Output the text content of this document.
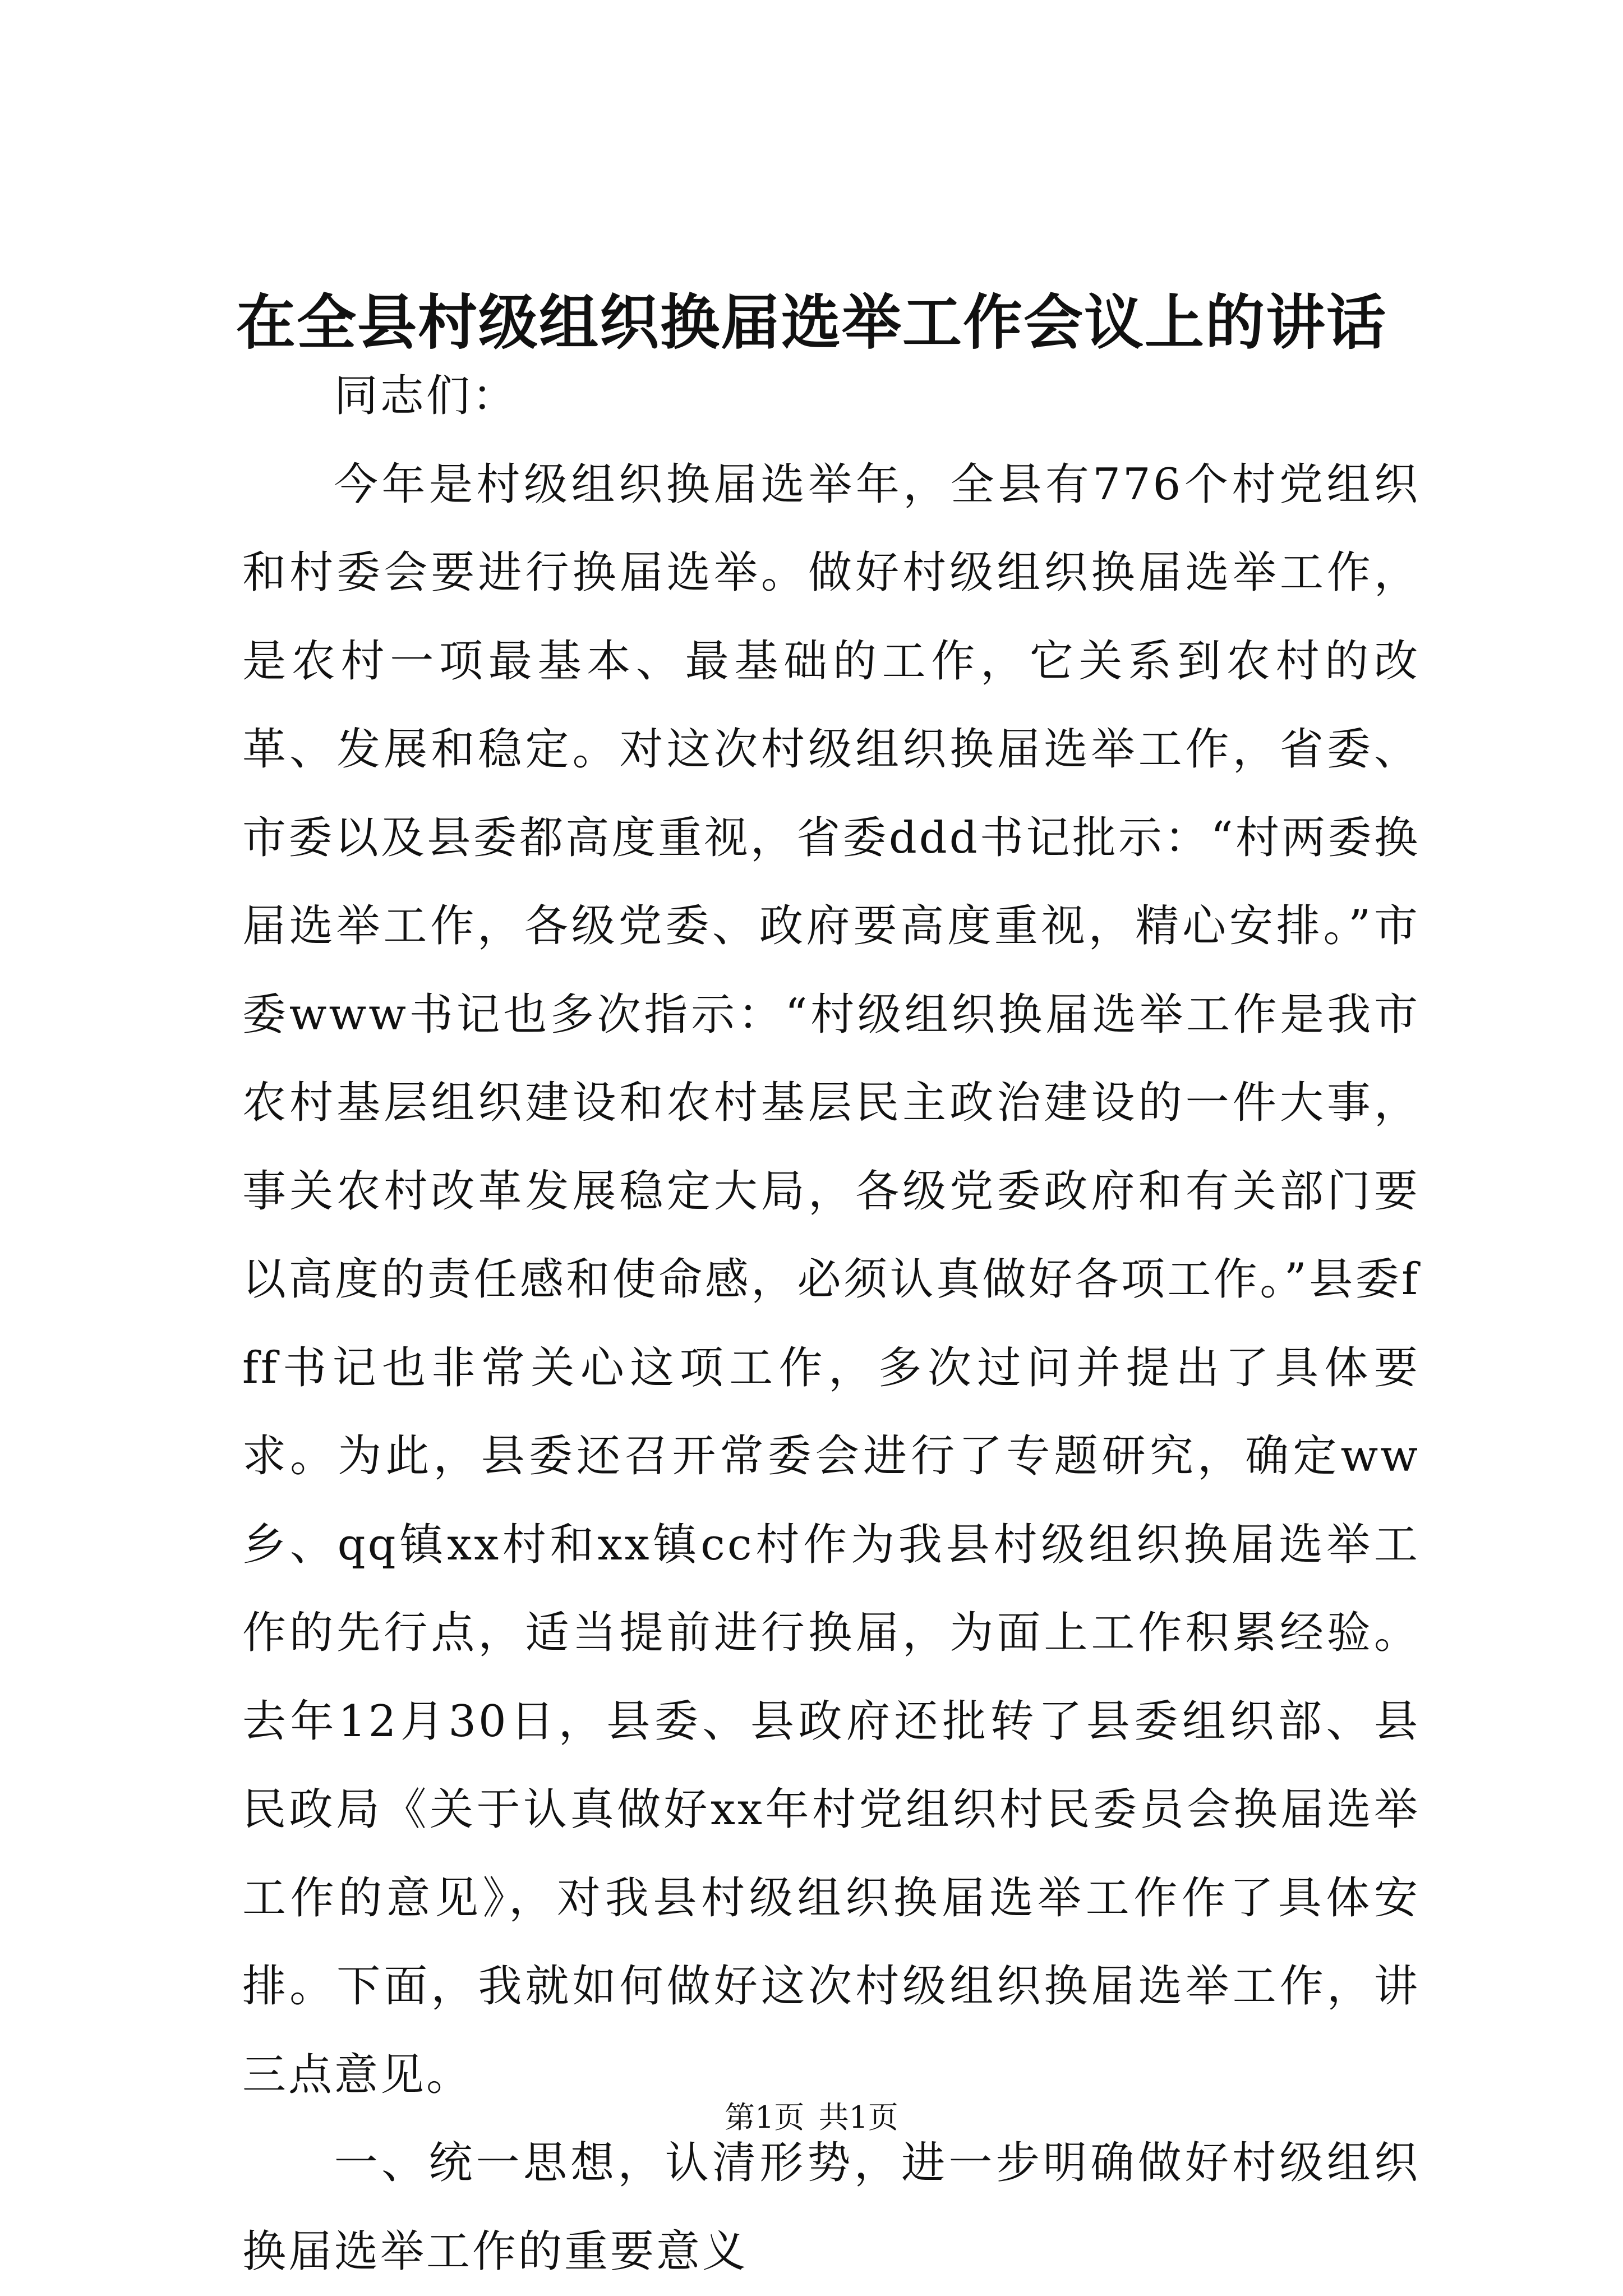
在全县村级组织换届选举工作会议上的讲话

同志们：

今年是村级组织换届选举年，全县有776个村党组织和村委会要进行换届选举。做好村级组织换届选举工作，是农村一项最基本、最基础的工作，它关系到农村的改革、发展和稳定。对这次村级组织换届选举工作，省委、市委以及县委都高度重视，省委ddd书记批示：“村两委换届选举工作，各级党委、政府要高度重视，精心安排。”市委www书记也多次指示：“村级组织换届选举工作是我市农村基层组织建设和农村基层民主政治建设的一件大事，事关农村改革发展稳定大局，各级党委政府和有关部门要以高度的责任感和使命感，必须认真做好各项工作。”县委fff书记也非常关心这项工作，多次过问并提出了具体要求。为此，县委还召开常委会进行了专题研究，确定ww乡、qq镇xx村和xx镇cc村作为我县村级组织换届选举工作的先行点，适当提前进行换届，为面上工作积累经验。去年12月30日，县委、县政府还批转了县委组织部、县民政局《关于认真做好xx年村党组织村民委员会换届选举工作的意见》，对我县村级组织换届选举工作作了具体安排。下面，我就如何做好这次村级组织换届选举工作，讲三点意见。

一、统一思想，认清形势，进一步明确做好村级组织换届选举工作的重要意义

第1页 共1页
